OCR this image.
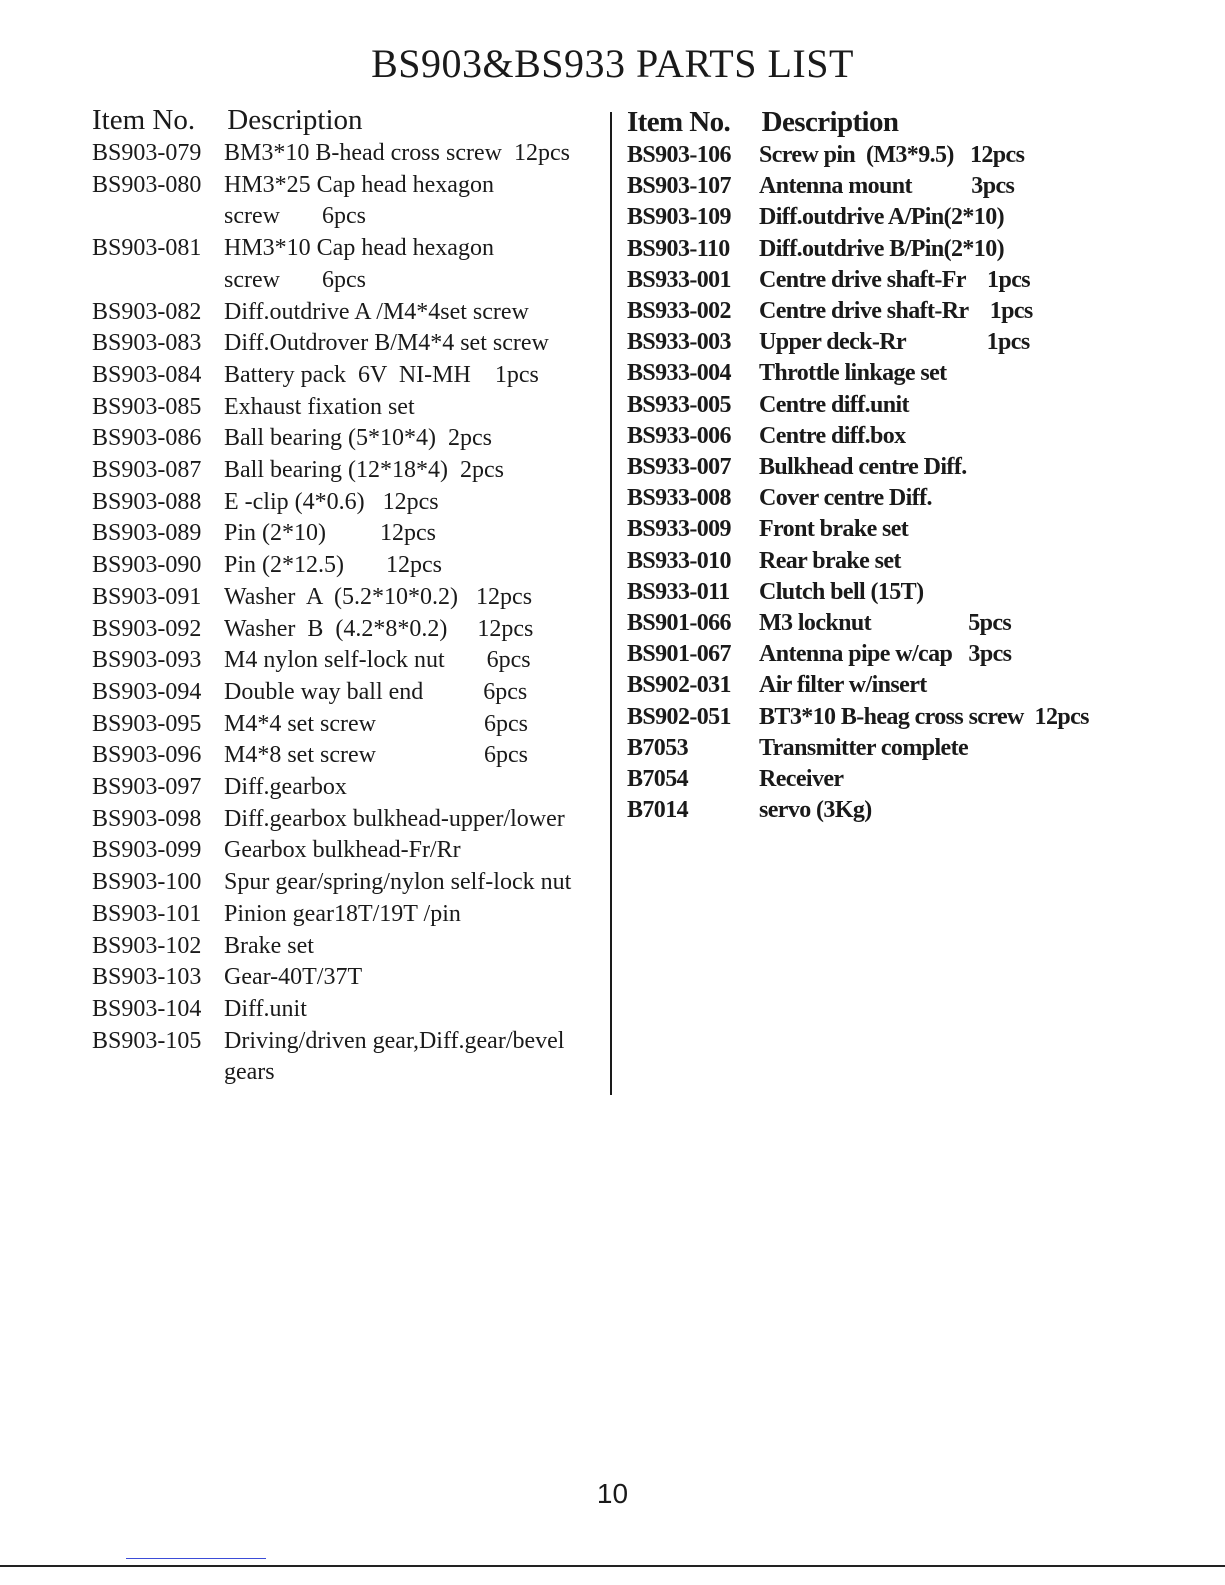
BS903&BS933 PARTS LIST
Item No. Description
BS903-079 BM3*10 B-head cross screw  12pcs
BS903-080 HM3*25 Cap head hexagon
screw       6pcs
BS903-081 HM3*10 Cap head hexagon
screw       6pcs
BS903-082 Diff.outdrive A /M4*4set screw
BS903-083 Diff.Outdrover B/M4*4 set screw
BS903-084 Battery pack  6V  NI-MH    1pcs
BS903-085 Exhaust fixation set
BS903-086 Ball bearing (5*10*4)  2pcs
BS903-087 Ball bearing (12*18*4)  2pcs
BS903-088 E -clip (4*0.6)   12pcs
BS903-089 Pin (2*10)         12pcs
BS903-090 Pin (2*12.5)       12pcs
BS903-091 Washer  A  (5.2*10*0.2)   12pcs
BS903-092 Washer  B  (4.2*8*0.2)     12pcs
BS903-093 M4 nylon self-lock nut       6pcs
BS903-094 Double way ball end          6pcs
BS903-095 M4*4 set screw                  6pcs
BS903-096 M4*8 set screw                  6pcs
BS903-097 Diff.gearbox
BS903-098 Diff.gearbox bulkhead-upper/lower
BS903-099 Gearbox bulkhead-Fr/Rr
BS903-100 Spur gear/spring/nylon self-lock nut
BS903-101 Pinion gear18T/19T /pin
BS903-102 Brake set
BS903-103 Gear-40T/37T
BS903-104 Diff.unit
BS903-105 Driving/driven gear,Diff.gear/bevel
gears
Item No. Description
BS903-106	Screw pin  (M3*9.5)   12pcs
BS903-107	Antenna mount           3pcs
BS903-109	Diff.outdrive A/Pin(2*10)
BS903-110	Diff.outdrive B/Pin(2*10)
BS933-001	Centre drive shaft-Fr    1pcs
BS933-002	Centre drive shaft-Rr    1pcs
BS933-003	Upper deck-Rr               1pcs
BS933-004	Throttle linkage set
BS933-005	Centre diff.unit
BS933-006	Centre diff.box
BS933-007	Bulkhead centre Diff.
BS933-008	Cover centre Diff.
BS933-009	Front brake set
BS933-010	Rear brake set
BS933-011	Clutch bell (15T)
BS901-066	M3 locknut                  5pcs
BS901-067	Antenna pipe w/cap   3pcs
BS902-031	Air filter w/insert
BS902-051	BT3*10 B-heag cross screw  12pcs
B7053	Transmitter complete
B7054	Receiver
B7014	servo (3Kg)
10
